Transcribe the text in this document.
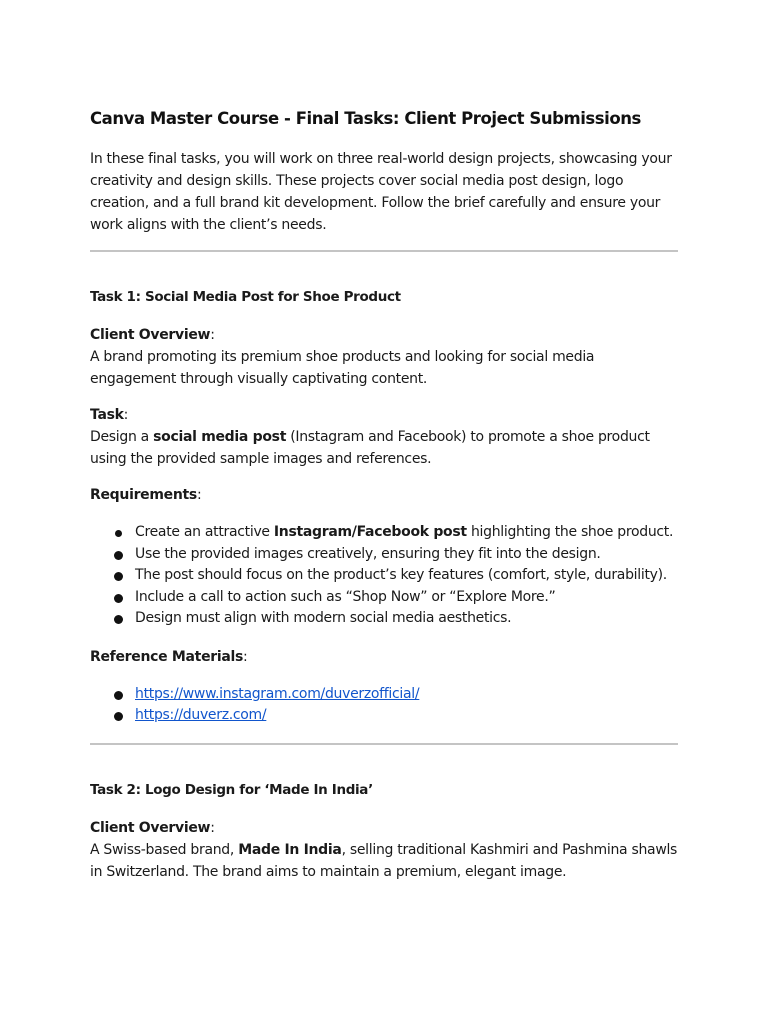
Canva Master Course - Final Tasks: Client Project Submissions

In these final tasks, you will work on three real-world design projects, showcasing your creativity and design skills. These projects cover social media post design, logo creation, and a full brand kit development. Follow the brief carefully and ensure your work aligns with the client’s needs.

Task 1: Social Media Post for Shoe Product

Client Overview:

A brand promoting its premium shoe products and looking for social media engagement through visually captivating content.

Task:

Design a social media post (Instagram and Facebook) to promote a shoe product using the provided sample images and references.

Requirements:

Create an attractive Instagram/Facebook post highlighting the shoe product.
Use the provided images creatively, ensuring they fit into the design.
The post should focus on the product’s key features (comfort, style, durability).
Include a call to action such as “Shop Now” or “Explore More.”
Design must align with modern social media aesthetics.

Reference Materials:

https://www.instagram.com/duverzofficial/
https://duverz.com/
Task 2: Logo Design for ‘Made In India’

Client Overview:

A Swiss-based brand, Made In India, selling traditional Kashmiri and Pashmina shawls in Switzerland. The brand aims to maintain a premium, elegant image.
